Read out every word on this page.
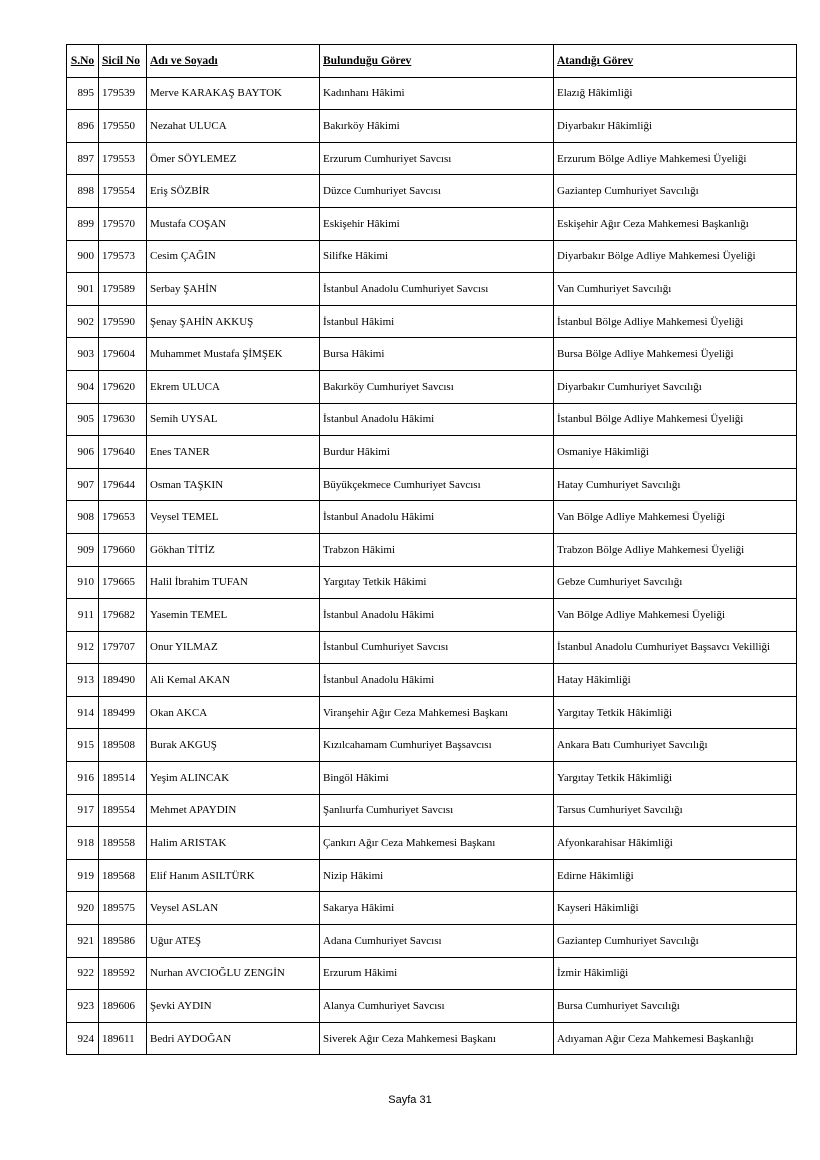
S.No	Sicil No	Adı ve Soyadı	Bulunduğu Görev	Atandığı Görev
895	179539	Merve KARAKAŞ BAYTOK	Kadınhanı Hâkimi	Elazığ Hâkimliği
896	179550	Nezahat ULUCA	Bakırköy Hâkimi	Diyarbakır Hâkimliği
897	179553	Ömer SÖYLEMEZ	Erzurum Cumhuriyet Savcısı	Erzurum Bölge Adliye Mahkemesi Üyeliği
898	179554	Eriş SÖZBİR	Düzce Cumhuriyet Savcısı	Gaziantep Cumhuriyet Savcılığı
899	179570	Mustafa COŞAN	Eskişehir Hâkimi	Eskişehir Ağır Ceza Mahkemesi Başkanlığı
900	179573	Cesim ÇAĞIN	Silifke Hâkimi	Diyarbakır Bölge Adliye Mahkemesi Üyeliği
901	179589	Serbay ŞAHİN	İstanbul Anadolu Cumhuriyet Savcısı	Van Cumhuriyet Savcılığı
902	179590	Şenay ŞAHİN AKKUŞ	İstanbul Hâkimi	İstanbul Bölge Adliye Mahkemesi Üyeliği
903	179604	Muhammet Mustafa ŞİMŞEK	Bursa Hâkimi	Bursa Bölge Adliye Mahkemesi Üyeliği
904	179620	Ekrem ULUCA	Bakırköy Cumhuriyet Savcısı	Diyarbakır Cumhuriyet Savcılığı
905	179630	Semih UYSAL	İstanbul Anadolu Hâkimi	İstanbul Bölge Adliye Mahkemesi Üyeliği
906	179640	Enes TANER	Burdur Hâkimi	Osmaniye Hâkimliği
907	179644	Osman TAŞKIN	Büyükçekmece Cumhuriyet Savcısı	Hatay Cumhuriyet Savcılığı
908	179653	Veysel TEMEL	İstanbul Anadolu Hâkimi	Van Bölge Adliye Mahkemesi Üyeliği
909	179660	Gökhan TİTİZ	Trabzon Hâkimi	Trabzon Bölge Adliye Mahkemesi Üyeliği
910	179665	Halil İbrahim TUFAN	Yargıtay Tetkik Hâkimi	Gebze Cumhuriyet Savcılığı
911	179682	Yasemin TEMEL	İstanbul Anadolu Hâkimi	Van Bölge Adliye Mahkemesi Üyeliği
912	179707	Onur YILMAZ	İstanbul Cumhuriyet Savcısı	İstanbul Anadolu Cumhuriyet Başsavcı Vekilliği
913	189490	Ali Kemal AKAN	İstanbul Anadolu Hâkimi	Hatay Hâkimliği
914	189499	Okan AKCA	Viranşehir Ağır Ceza Mahkemesi Başkanı	Yargıtay Tetkik Hâkimliği
915	189508	Burak AKGUŞ	Kızılcahamam Cumhuriyet Başsavcısı	Ankara Batı Cumhuriyet Savcılığı
916	189514	Yeşim ALINCAK	Bingöl Hâkimi	Yargıtay Tetkik Hâkimliği
917	189554	Mehmet APAYDIN	Şanlıurfa Cumhuriyet Savcısı	Tarsus Cumhuriyet Savcılığı
918	189558	Halim ARISTAK	Çankırı Ağır Ceza Mahkemesi Başkanı	Afyonkarahisar Hâkimliği
919	189568	Elif Hanım ASILTÜRK	Nizip Hâkimi	Edirne Hâkimliği
920	189575	Veysel ASLAN	Sakarya Hâkimi	Kayseri Hâkimliği
921	189586	Uğur ATEŞ	Adana Cumhuriyet Savcısı	Gaziantep Cumhuriyet Savcılığı
922	189592	Nurhan AVCIOĞLU ZENGİN	Erzurum Hâkimi	İzmir Hâkimliği
923	189606	Şevki AYDIN	Alanya Cumhuriyet Savcısı	Bursa Cumhuriyet Savcılığı
924	189611	Bedri AYDOĞAN	Siverek Ağır Ceza Mahkemesi Başkanı	Adıyaman Ağır Ceza Mahkemesi Başkanlığı
Sayfa 31
